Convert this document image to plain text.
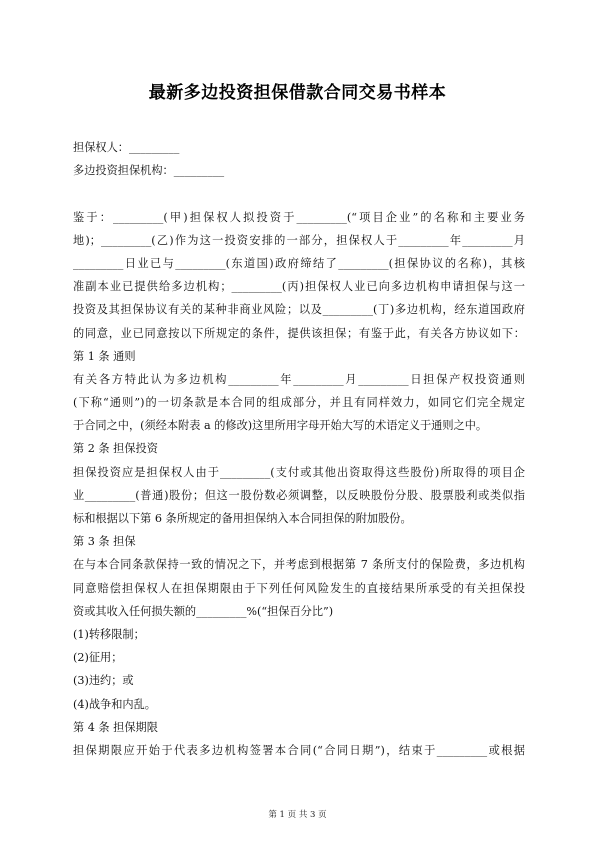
最新多边投资担保借款合同交易书样本
担保权人：_________
多边投资担保机构：_________
鉴于：_________(甲)担保权人拟投资于_________(“项目企业”的名称和主要业务
地)；_________(乙)作为这一投资安排的一部分，担保权人于_________年_________月
_________日业已与_________(东道国)政府缔结了_________(担保协议的名称)，其核
准副本业已提供给多边机构；_________(丙)担保权人业已向多边机构申请担保与这一
投资及其担保协议有关的某种非商业风险；以及_________(丁)多边机构，经东道国政府
的同意，业已同意按以下所规定的条件，提供该担保；有鉴于此，有关各方协议如下：
第 1 条 通则
有关各方特此认为多边机构_________年_________月_________日担保产权投资通则
(下称“通则”)的一切条款是本合同的组成部分，并且有同样效力，如同它们完全规定
于合同之中，(须经本附表 a 的修改)这里所用字母开始大写的术语定义于通则之中。
第 2 条 担保投资
担保投资应是担保权人由于_________(支付或其他出资取得这些股份)所取得的项目企
业_________(普通)股份；但这一股份数必须调整，以反映股份分股、股票股利或类似指
标和根据以下第 6 条所规定的备用担保纳入本合同担保的附加股份。
第 3 条 担保
在与本合同条款保持一致的情况之下，并考虑到根据第 7 条所支付的保险费，多边机构
同意赔偿担保权人在担保期限由于下列任何风险发生的直接结果所承受的有关担保投
资或其收入任何损失额的_________%(“担保百分比”)
(1)转移限制；
(2)征用；
(3)违约；或
(4)战争和内乱。
第 4 条 担保期限
担保期限应开始于代表多边机构签署本合同(“合同日期”)，结束于_________或根据
第 1 页 共 3 页
